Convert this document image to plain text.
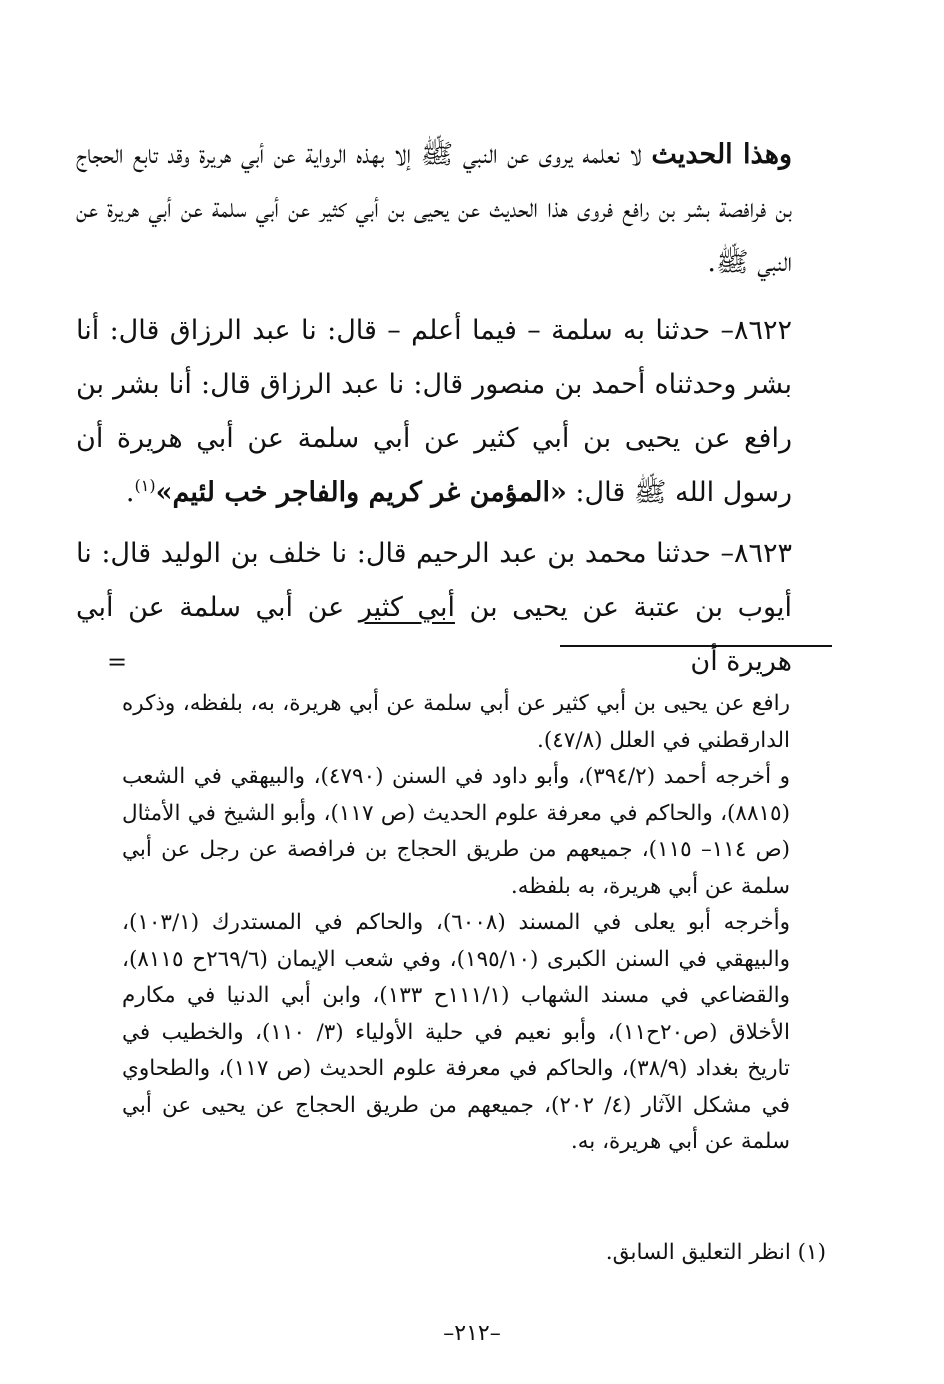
وهذا الحديث لا نعلمه يروى عن النبي ﷺ إلا بهذه الرواية عن أبي هريرة وقد تابع الحجاج بن فرافصة بشر بن رافع فروى هذا الحديث عن يحيى بن أبي كثير عن أبي سلمة عن أبي هريرة عن النبي ﷺ.

٨٦٢٢– حدثنا به سلمة – فيما أعلم – قال: نا عبد الرزاق قال: أنا بشر وحدثناه أحمد بن منصور قال: نا عبد الرزاق قال: أنا بشر بن رافع عن يحيى بن أبي كثير عن أبي سلمة عن أبي هريرة أن رسول الله ﷺ قال: «المؤمن غر كريم والفاجر خب لئيم»$^{(١)}$.

٨٦٢٣– حدثنا محمد بن عبد الرحيم قال: نا خلف بن الوليد قال: نا أيوب بن عتبة عن يحيى بن أبي كثير عن أبي سلمة عن أبي هريرة أن

=

رافع عن يحيى بن أبي كثير عن أبي سلمة عن أبي هريرة، به، بلفظه، وذكره الدارقطني في العلل (٤٧/٨).

و أخرجه أحمد (٣٩٤/٢)، وأبو داود في السنن (٤٧٩٠)، والبيهقي في الشعب (٨٨١٥)، والحاكم في معرفة علوم الحديث (ص ١١٧)، وأبو الشيخ في الأمثال (ص ١١٤– ١١٥)، جميعهم من طريق الحجاج بن فرافصة عن رجل عن أبي سلمة عن أبي هريرة، به بلفظه.

وأخرجه أبو يعلى في المسند (٦٠٠٨)، والحاكم في المستدرك (١٠٣/١)، والبيهقي في السنن الكبرى (١٩٥/١٠)، وفي شعب الإيمان (٢٦٩/٦ح ٨١١٥)، والقضاعي في مسند الشهاب (١١١/١ح ١٣٣)، وابن أبي الدنيا في مكارم الأخلاق (ص٢٠ح١١)، وأبو نعيم في حلية الأولياء (٣/ ١١٠)، والخطيب في تاريخ بغداد (٣٨/٩)، والحاكم في معرفة علوم الحديث (ص ١١٧)، والطحاوي في مشكل الآثار (٤/ ٢٠٢)، جميعهم من طريق الحجاج عن يحيى عن أبي سلمة عن أبي هريرة، به.

(١) انظر التعليق السابق.

–٢١٢–
